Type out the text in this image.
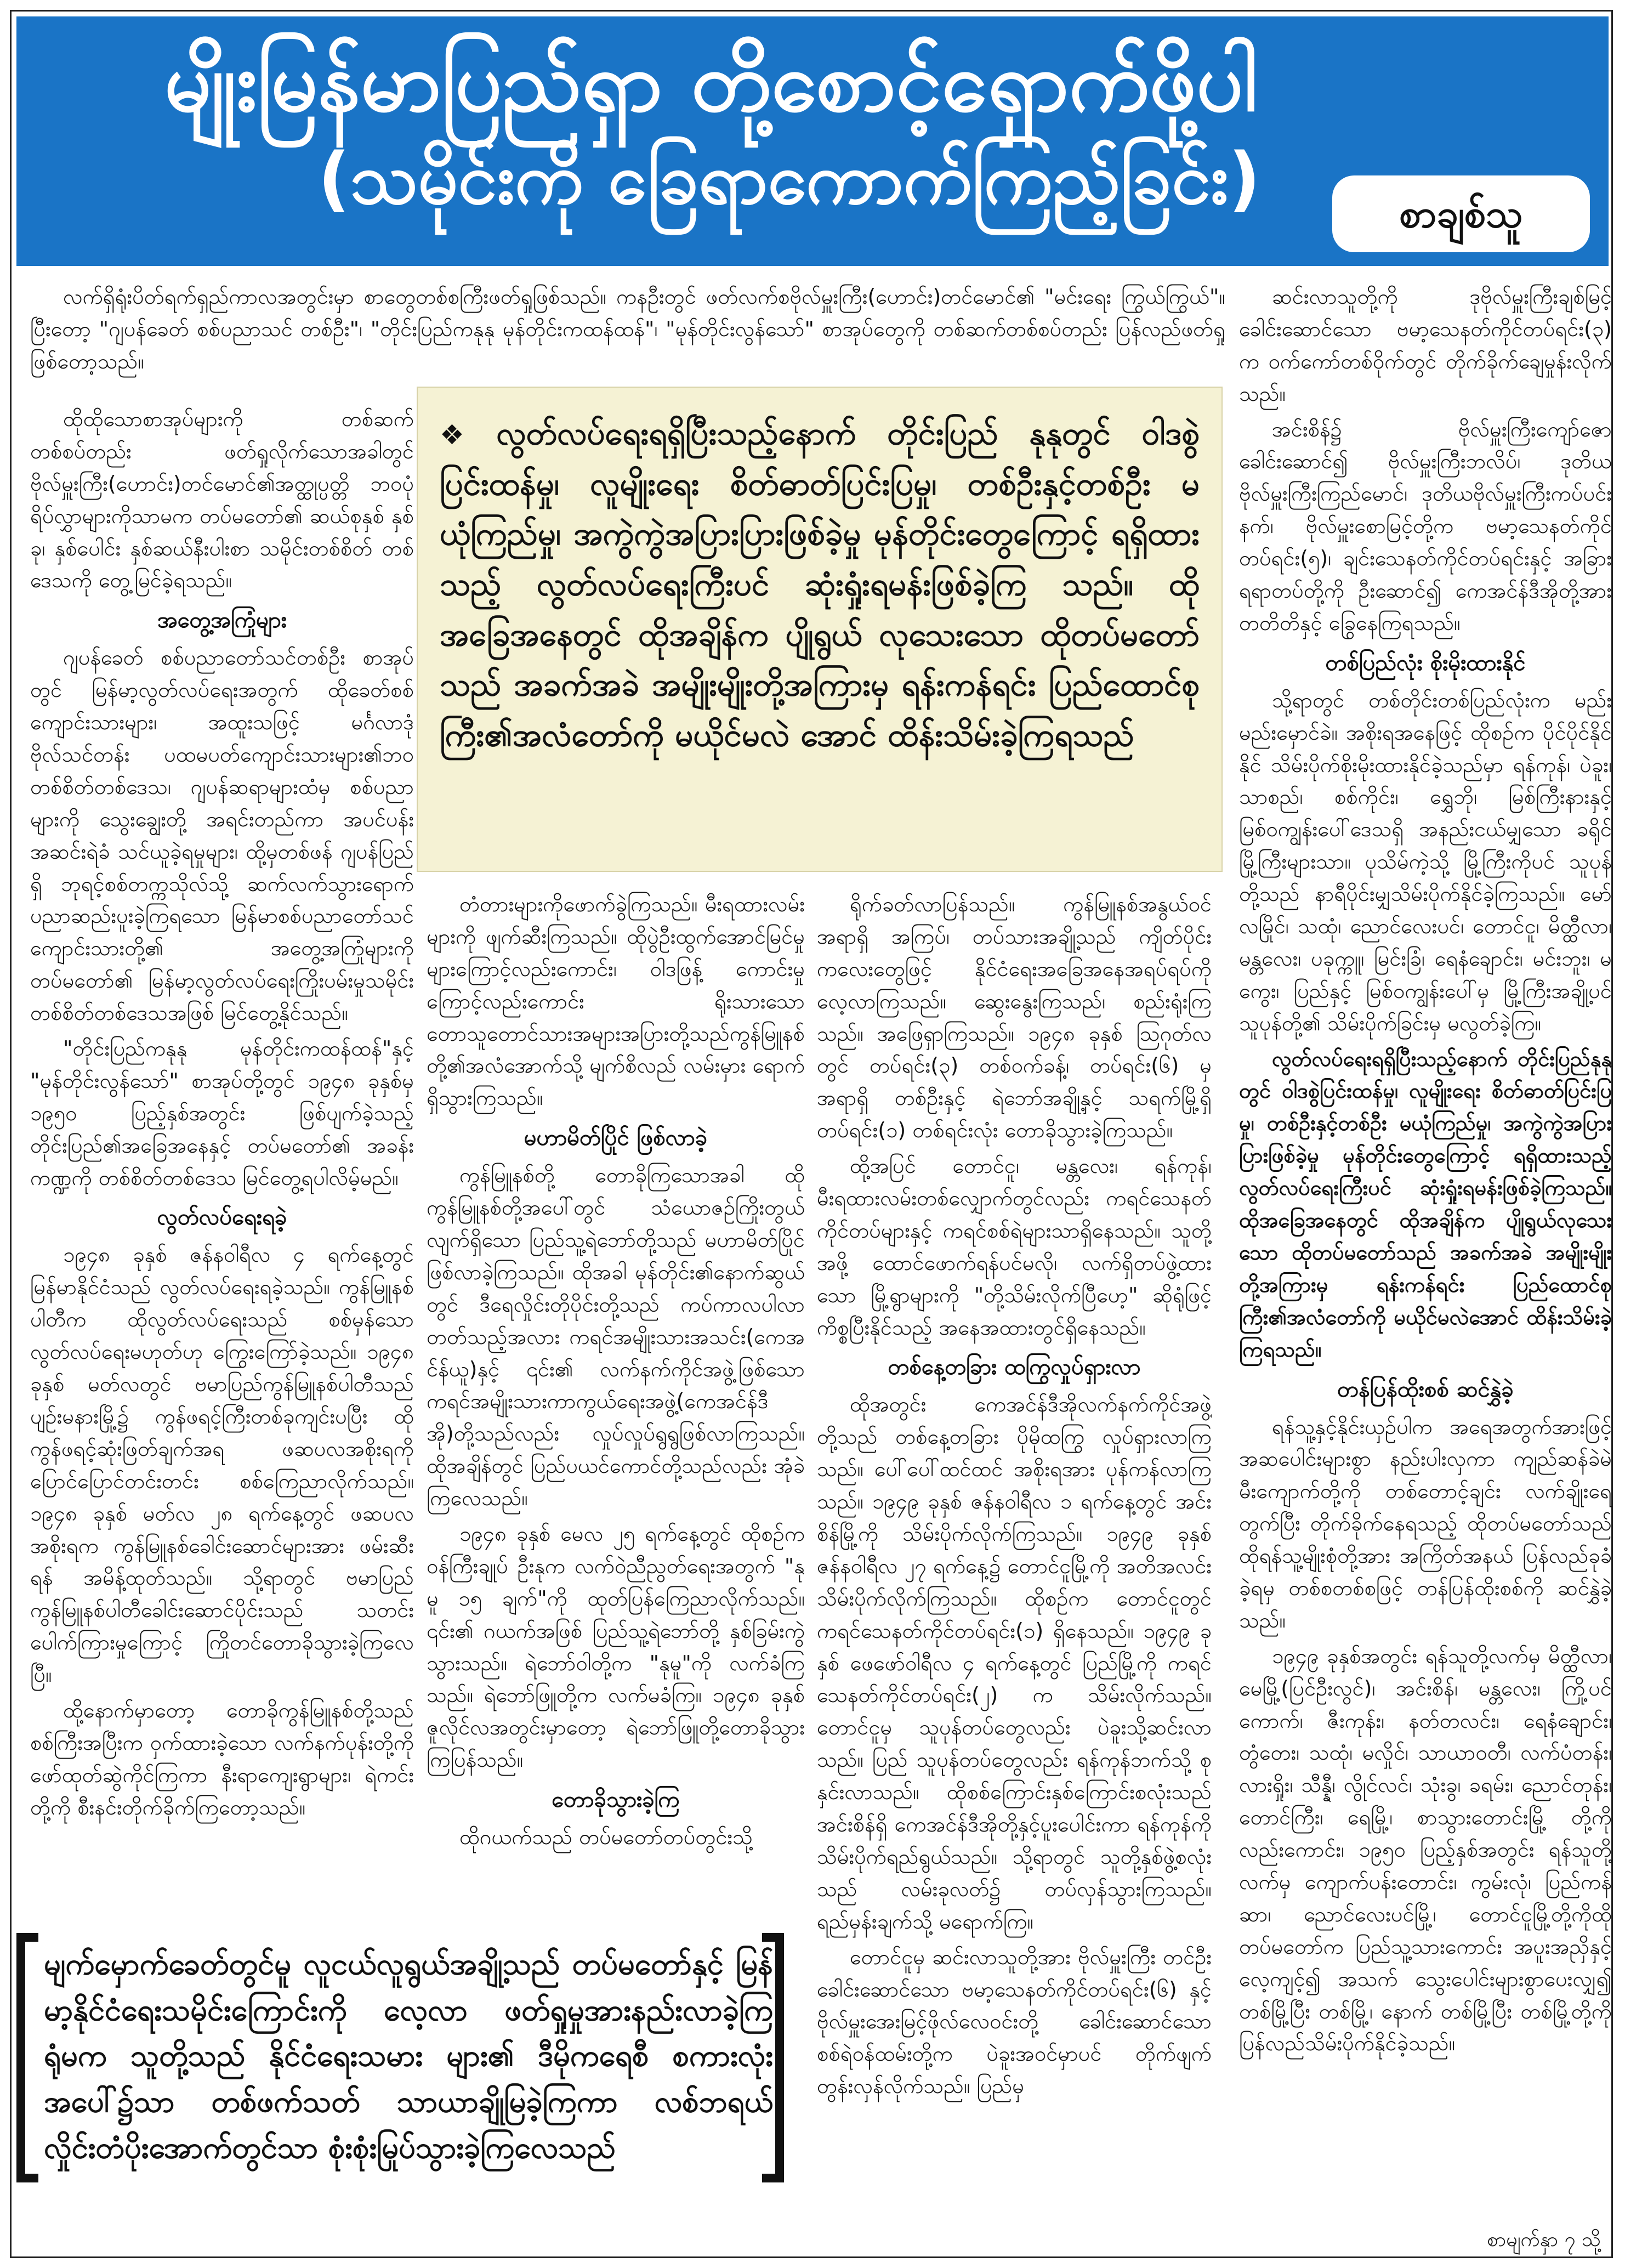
မျိုးမြန်မာပြည်ရှာ တို့စောင့်ရှောက်ဖို့ပါ
(သမိုင်းကို ခြေရာကောက်ကြည့်ခြင်း)	စာချစ်သူ

လက်ရှိရုံးပိတ်ရက်ရှည်ကာလအတွင်းမှာ စာတွေတစ်စကြီးဖတ်ရှုဖြစ်သည်။ ကနဦးတွင် ဖတ်လက်စဗိုလ်မှူးကြီး(ဟောင်း)တင်မောင်၏ "မင်းရေး ကြွယ်ကြွယ်"။ ပြီးတော့ "ဂျပန်ခေတ် စစ်ပညာသင် တစ်ဦး"၊ "တိုင်းပြည်ကနုနု မုန်တိုင်းကထန်ထန်"၊ "မုန်တိုင်းလွန်သော်" စာအုပ်တွေကို တစ်ဆက်တစ်စပ်တည်း ပြန်လည်ဖတ်ရှုဖြစ်တော့သည်။

ထိုထိုသောစာအုပ်များကို တစ်ဆက်တစ်စပ်တည်း ဖတ်ရှုလိုက်သောအခါတွင် ဗိုလ်မှူးကြီး(ဟောင်း)တင်မောင်၏အတ္ထုပ္ပတ္တိ ဘဝပုံရိပ်လွှာများကိုသာမက တပ်မတော်၏ ဆယ်စုနှစ် နှစ်ခု၊ နှစ်ပေါင်း နှစ်ဆယ်နီးပါးစာ သမိုင်းတစ်စိတ် တစ်ဒေသကို တွေ့မြင်ခဲ့ရသည်။

အတွေ့အကြုံများ

ဂျပန်ခေတ် စစ်ပညာတော်သင်တစ်ဦး စာအုပ်တွင် မြန်မာ့လွတ်လပ်ရေးအတွက် ထိုခေတ်စစ်ကျောင်းသားများ၊ အထူးသဖြင့် မင်္ဂလာဒုံ ဗိုလ်သင်တန်း ပထမပတ်ကျောင်းသားများ၏ဘဝ တစ်စိတ်တစ်ဒေသ၊ ဂျပန်ဆရာများထံမှ စစ်ပညာများကို သွေးချွေးတို့ အရင်းတည်ကာ အပင်ပန်းအဆင်းရဲခံ သင်ယူခဲ့ရမှုများ၊ ထို့မှတစ်ဖန် ဂျပန်ပြည်ရှိ ဘုရင့်စစ်တက္ကသိုလ်သို့ ဆက်လက်သွားရောက်ပညာဆည်းပူးခဲ့ကြရသော မြန်မာစစ်ပညာတော်သင်ကျောင်းသားတို့၏ အတွေ့အကြုံများကို တပ်မတော်၏ မြန်မာ့လွတ်လပ်ရေးကြိုးပမ်းမှုသမိုင်း တစ်စိတ်တစ်ဒေသအဖြစ် မြင်တွေ့နိုင်သည်။

"တိုင်းပြည်ကနုနု မုန်တိုင်းကထန်ထန်"နှင့် "မုန်တိုင်းလွန်သော်" စာအုပ်တို့တွင် ၁၉၄၈ ခုနှစ်မှ ၁၉၅၀ ပြည့်နှစ်အတွင်း ဖြစ်ပျက်ခဲ့သည့် တိုင်းပြည်၏အခြေအနေနှင့် တပ်မတော်၏ အခန်းကဏ္ဍကို တစ်စိတ်တစ်ဒေသ မြင်တွေ့ရပါလိမ့်မည်။

လွတ်လပ်ရေးရခဲ့

၁၉၄၈ ခုနှစ် ဇန်နဝါရီလ ၄ ရက်နေ့တွင် မြန်မာနိုင်ငံသည် လွတ်လပ်ရေးရခဲ့သည်။ ကွန်မြူနစ်ပါတီက ထိုလွတ်လပ်ရေးသည် စစ်မှန်သော လွတ်လပ်ရေးမဟုတ်ဟု ကြွေးကြော်ခဲ့သည်။ ၁၉၄၈ ခုနှစ် မတ်လတွင် ဗမာပြည်ကွန်မြူနစ်ပါတီသည် ပျဉ်းမနားမြို့၌ ကွန်ဖရင့်ကြီးတစ်ခုကျင်းပပြီး ထိုကွန်ဖရင့်ဆုံးဖြတ်ချက်အရ ဖဆပလအစိုးရကို ပြောင်ပြောင်တင်းတင်း စစ်ကြေညာလိုက်သည်။ ၁၉၄၈ ခုနှစ် မတ်လ ၂၈ ရက်နေ့တွင် ဖဆပလအစိုးရက ကွန်မြူနစ်ခေါင်းဆောင်များအား ဖမ်းဆီးရန် အမိန့်ထုတ်သည်။ သို့ရာတွင် ဗမာပြည်ကွန်မြူနစ်ပါတီခေါင်းဆောင်ပိုင်းသည် သတင်းပေါက်ကြားမှုကြောင့် ကြိုတင်တောခိုသွားခဲ့ကြလေပြီ။

ထို့နောက်မှာတော့ တောခိုကွန်မြူနစ်တို့သည် စစ်ကြီးအပြီးက ဝှက်ထားခဲ့သော လက်နက်ပုန်းတို့ကို ဖော်ထုတ်ဆွဲကိုင်ကြကာ နီးရာကျေးရွာများ၊ ရဲကင်းတို့ကို စီးနင်းတိုက်ခိုက်ကြတော့သည်။

❖ လွတ်လပ်ရေးရရှိပြီးသည့်နောက် တိုင်းပြည် နုနုတွင် ဝါဒစွဲ ပြင်းထန်မှု၊ လူမျိုးရေး စိတ်ဓာတ်ပြင်းပြမှု၊ တစ်ဦးနှင့်တစ်ဦး မယုံကြည်မှု၊ အကွဲကွဲအပြားပြားဖြစ်ခဲ့မှု မုန်တိုင်းတွေကြောင့် ရရှိထားသည့် လွတ်လပ်ရေးကြီးပင် ဆုံးရှုံးရမန်းဖြစ်ခဲ့ကြ သည်။ ထိုအခြေအနေတွင် ထိုအချိန်က ပျိုရွယ် လုသေးသော ထိုတပ်မတော်သည် အခက်အခဲ အမျိုးမျိုးတို့အကြားမှ ရန်းကန်ရင်း ပြည်ထောင်စုကြီး၏အလံတော်ကို မယိုင်မလဲ အောင် ထိန်းသိမ်းခဲ့ကြရသည်

တံတားများကိုဖောက်ခွဲကြသည်။ မီးရထားလမ်းများကို ဖျက်ဆီးကြသည်။ ထိုပွဲဦးထွက်အောင်မြင်မှုများကြောင့်လည်းကောင်း၊ ဝါဒဖြန့် ကောင်းမှုကြောင့်လည်းကောင်း ရိုးသားသော တောသူတောင်သားအများအပြားတို့သည်ကွန်မြူနစ်တို့၏အလံအောက်သို့ မျက်စိလည် လမ်းမှား ရောက်ရှိသွားကြသည်။

မဟာမိတ်ပြိုင် ဖြစ်လာခဲ့

ကွန်မြူနစ်တို့ တောခိုကြသောအခါ ထိုကွန်မြူနစ်တို့အပေါ်တွင် သံယောဇဉ်ကြိုးတွယ်လျက်ရှိသော ပြည်သူ့ရဲဘော်တို့သည် မဟာမိတ်ပြိုင်ဖြစ်လာခဲ့ကြသည်။ ထိုအခါ မုန်တိုင်း၏နောက်ဆွယ်တွင် ဒီရေလှိုင်းတိုပိုင်းတို့သည် ကပ်ကာလပါလာတတ်သည့်အလား ကရင်အမျိုးသားအသင်း(ကေအင်န်ယူ)နှင့် ၎င်း၏ လက်နက်ကိုင်အဖွဲ့ဖြစ်သော ကရင်အမျိုးသားကာကွယ်ရေးအဖွဲ့(ကေအင်န်ဒီအို)တို့သည်လည်း လှုပ်လှုပ်ရွရွဖြစ်လာကြသည်။ ထိုအချိန်တွင် ပြည်ပယင်ကောင်တို့သည်လည်း အုံခဲကြလေသည်။

၁၉၄၈ ခုနှစ် မေလ ၂၅ ရက်နေ့တွင် ထိုစဉ်က ဝန်ကြီးချုပ် ဦးနုက လက်ဝဲညီညွတ်ရေးအတွက် "နုမူ ၁၅ ချက်"ကို ထုတ်ပြန်ကြေညာလိုက်သည်။ ၎င်း၏ ဂယက်အဖြစ် ပြည်သူ့ရဲဘော်တို့ နှစ်ခြမ်းကွဲသွားသည်။ ရဲဘော်ဝါတို့က "နုမူ"ကို လက်ခံကြသည်။ ရဲဘော်ဖြူတို့က လက်မခံကြ။ ၁၉၄၈ ခုနှစ် ဇူလိုင်လအတွင်းမှာတော့ ရဲဘော်ဖြူတို့တောခိုသွားကြပြန်သည်။

တောခိုသွားခဲ့ကြ

ထိုဂယက်သည် တပ်မတော်တပ်တွင်းသို့

ရိုက်ခတ်လာပြန်သည်။ ကွန်မြူနစ်အနွယ်ဝင် အရာရှိ အကြပ်၊ တပ်သားအချို့သည် ကျိတ်ပိုင်းကလေးတွေဖြင့် နိုင်ငံရေးအခြေအနေအရပ်ရပ်ကို လေ့လာကြသည်။ ဆွေးနွေးကြသည်၊ စည်းရုံးကြသည်။ အဖြေရှာကြသည်။ ၁၉၄၈ ခုနှစ် ဩဂုတ်လတွင် တပ်ရင်း(၃) တစ်ဝက်ခန့်၊ တပ်ရင်း(၆) မှ အရာရှိ တစ်ဦးနှင့် ရဲဘော်အချို့နှင့် သရက်မြို့ရှိ တပ်ရင်း(၁) တစ်ရင်းလုံး တောခိုသွားခဲ့ကြသည်။

ထို့အပြင် တောင်ငူ၊ မန္တလေး၊ ရန်ကုန်၊ မီးရထားလမ်းတစ်လျှောက်တွင်လည်း ကရင်သေနတ်ကိုင်တပ်များနှင့် ကရင်စစ်ရဲများသာရှိနေသည်။ သူတို့အဖို့ ထောင်ဖောက်ရန်ပင်မလို၊ လက်ရှိတပ်ဖွဲ့ထားသော မြို့ရွာများကို "တို့သိမ်းလိုက်ပြီဟေ့" ဆိုရုံဖြင့် ကိစ္စပြီးနိုင်သည့် အနေအထားတွင်ရှိနေသည်။

တစ်နေ့တခြား ထကြွလှုပ်ရှားလာ

ထိုအတွင်း ကေအင်န်ဒီအိုလက်နက်ကိုင်အဖွဲ့တို့သည် တစ်နေ့တခြား ပိုမိုထကြွ လှုပ်ရှားလာကြသည်။ ပေါ်ပေါ်ထင်ထင် အစိုးရအား ပုန်ကန်လာကြသည်။ ၁၉၄၉ ခုနှစ် ဇန်နဝါရီလ ၁ ရက်နေ့တွင် အင်းစိန်မြို့ကို သိမ်းပိုက်လိုက်ကြသည်။ ၁၉၄၉ ခုနှစ် ဇန်နဝါရီလ ၂၇ ရက်နေ့၌ တောင်ငူမြို့ကို အတိအလင်း သိမ်းပိုက်လိုက်ကြသည်။ ထိုစဉ်က တောင်ငူတွင် ကရင်သေနတ်ကိုင်တပ်ရင်း(၁) ရှိနေသည်။ ၁၉၄၉ ခုနှစ် ဖေဖော်ဝါရီလ ၄ ရက်နေ့တွင် ပြည်မြို့ကို ကရင်သေနတ်ကိုင်တပ်ရင်း(၂) က သိမ်းလိုက်သည်။ တောင်ငူမှ သူပုန်တပ်တွေလည်း ပဲခူးသို့ဆင်းလာသည်။ ပြည် သူပုန်တပ်တွေလည်း ရန်ကုန်ဘက်သို့ စုနှင်းလာသည်။ ထိုစစ်ကြောင်းနှစ်ကြောင်းစလုံးသည် အင်းစိန်ရှိ ကေအင်န်ဒီအိုတို့နှင့်ပူးပေါင်းကာ ရန်ကုန်ကိုသိမ်းပိုက်ရည်ရွယ်သည်။ သို့ရာတွင် သူတို့နှစ်ဖွဲ့စလုံးသည် လမ်းခုလတ်၌ တပ်လှန်သွားကြသည်။ ရည်မှန်းချက်သို့ မရောက်ကြ။

တောင်ငူမှ ဆင်းလာသူတို့အား ဗိုလ်မှူးကြီး တင်ဦး ခေါင်းဆောင်သော ဗမာ့သေနတ်ကိုင်တပ်ရင်း(၆) နှင့်ဗိုလ်မှူးအေးမြင့်ဖိုလ်လေဝင်းတို့ ခေါင်းဆောင်သော စစ်ရဲဝန်ထမ်းတို့က ပဲခူးအဝင်မှာပင် တိုက်ဖျက်တွန်းလှန်လိုက်သည်။ ပြည်မှ

ဆင်းလာသူတို့ကို ဒုဗိုလ်မှူးကြီးချစ်မြင့် ခေါင်းဆောင်သော ဗမာ့သေနတ်ကိုင်တပ်ရင်း(၃) က ဝက်ကော်တစ်ဝိုက်တွင် တိုက်ခိုက်ချေမှုန်းလိုက်သည်။

အင်းစိန်၌ ဗိုလ်မှူးကြီးကျော်ဇော ခေါင်းဆောင်၍ ဗိုလ်မှူးကြီးဘလိပ်၊ ဒုတိယဗိုလ်မှူးကြီးကြည်မောင်၊ ဒုတိယဗိုလ်မှူးကြီးကပ်ပင်းနက်၊ ဗိုလ်မှူးစောမြင့်တို့က ဗမာ့သေနတ်ကိုင်တပ်ရင်း(၅)၊ ချင်းသေနတ်ကိုင်တပ်ရင်းနှင့် အခြား ရရာတပ်တို့ကို ဦးဆောင်၍ ကေအင်န်ဒီအိုတို့အား တတိတိနှင့် ခြွေနေကြရသည်။

တစ်ပြည်လုံး စိုးမိုးထားနိုင်

သို့ရာတွင် တစ်တိုင်းတစ်ပြည်လုံးက မည်းမည်းမှောင်ခဲ။ အစိုးရအနေဖြင့် ထိုစဉ်က ပိုင်ပိုင်နိုင်နိုင် သိမ်းပိုက်စိုးမိုးထားနိုင်ခဲ့သည်မှာ ရန်ကုန်၊ ပဲခူး၊ သာစည်၊ စစ်ကိုင်း၊ ရွှေဘို၊ မြစ်ကြီးနားနှင့် မြစ်ဝကျွန်းပေါ်ဒေသရှိ အနည်းငယ်မျှသော ခရိုင်မြို့ကြီးများသာ။ ပုသိမ်ကဲ့သို့ မြို့ကြီးကိုပင် သူပုန်တို့သည် နာရီပိုင်းမျှသိမ်းပိုက်နိုင်ခဲ့ကြသည်။ မော်လမြိုင်၊ သထုံ၊ ညောင်လေးပင်၊ တောင်ငူ၊ မိတ္ထီလာ၊ မန္တလေး၊ ပခုက္ကူ၊ မြင်းခြံ၊ ရေနံချောင်း၊ မင်းဘူး၊ မကွေး၊ ပြည်နှင့် မြစ်ဝကျွန်းပေါ်မှ မြို့ကြီးအချို့ပင် သူပုန်တို့၏ သိမ်းပိုက်ခြင်းမှ မလွတ်ခဲ့ကြ။

လွတ်လပ်ရေးရရှိပြီးသည့်နောက် တိုင်းပြည်နုနုတွင် ဝါဒစွဲပြင်းထန်မှု၊ လူမျိုးရေး စိတ်ဓာတ်ပြင်းပြမှု၊ တစ်ဦးနှင့်တစ်ဦး မယုံကြည်မှု၊ အကွဲကွဲအပြားပြားဖြစ်ခဲ့မှု မုန်တိုင်းတွေကြောင့် ရရှိထားသည့် လွတ်လပ်ရေးကြီးပင် ဆုံးရှုံးရမန်းဖြစ်ခဲ့ကြသည်။ ထိုအခြေအနေတွင် ထိုအချိန်က ပျိုရွယ်လုသေးသော ထိုတပ်မတော်သည် အခက်အခဲ အမျိုးမျိုးတို့အကြားမှ ရန်းကန်ရင်း ပြည်ထောင်စုကြီး၏အလံတော်ကို မယိုင်မလဲအောင် ထိန်းသိမ်းခဲ့ကြရသည်။

တန်ပြန်ထိုးစစ် ဆင်နွှဲခဲ့

ရန်သူ့နှင့်နိုင်းယှဉ်ပါက အရေအတွက်အားဖြင့် အဆပေါင်းများစွာ နည်းပါးလှကာ ကျည်ဆန်ခဲမဲမီးကျောက်တို့ကို တစ်တောင့်ချင်း လက်ချိုးရေတွက်ပြီး တိုက်ခိုက်နေရသည့် ထိုတပ်မတော်သည် ထိုရန်သူ့မျိုးစုံတို့အား အကြိတ်အနယ် ပြန်လည်ခုခံခဲ့ရမှ တစ်စတစ်စဖြင့် တန်ပြန်ထိုးစစ်ကို ဆင်နွှဲခဲ့သည်။

၁၉၄၉ ခုနှစ်အတွင်း ရန်သူတို့လက်မှ မိတ္ထီလာ၊ မေမြို့(ပြင်ဦးလွင်)၊ အင်းစိန်၊ မန္တလေး၊ ကြို့ပင်ကောက်၊ ဇီးကုန်း၊ နတ်တလင်း၊ ရေနံချောင်း၊ တွံတေး၊ သထုံ၊ မလှိုင်၊ သာယာဝတီ၊ လက်ပံတန်း၊ လားရှိုး၊ သီန္နီ၊ လွိုင်လင်၊ သုံးခွ၊ ခရမ်း၊ ညောင်တုန်း၊ တောင်ကြီး၊ ရေမြို့၊ စာသွားတောင်းမြို့ တို့ကိုလည်းကောင်း၊ ၁၉၅၀ ပြည့်နှစ်အတွင်း ရန်သူတို့လက်မှ ကျောက်ပန်းတောင်း၊ ကွမ်းလုံ၊ ပြည်ကန်ဆာ၊ ညောင်လေးပင်မြို့၊ တောင်ငူမြို့တို့ကိုထိုတပ်မတော်က ပြည်သူ့သားကောင်း အပူးအညှိနှင့်လေ့ကျင့်၍ အသက် သွေးပေါင်းများစွာပေးလျှ၍ တစ်မြို့ပြီး တစ်မြို့၊ နောက် တစ်မြို့ပြီး တစ်မြို့တို့ကို ပြန်လည်သိမ်းပိုက်နိုင်ခဲ့သည်။

မျက်မှောက်ခေတ်တွင်မူ လူငယ်လူရွယ်အချို့သည် တပ်မတော်နှင့် မြန်မာ့နိုင်ငံရေးသမိုင်းကြောင်းကို လေ့လာ ဖတ်ရှုမှုအားနည်းလာခဲ့ကြရုံမက သူတို့သည် နိုင်ငံရေးသမား များ၏ ဒီမိုကရေစီ စကားလုံးအပေါ်၌သာ တစ်ဖက်သတ် သာယာချိုမြခဲ့ကြကာ လစ်ဘရယ်လှိုင်းတံပိုးအောက်တွင်သာ စုံးစုံးမြုပ်သွားခဲ့ကြလေသည်
စာမျက်နှာ ၇ သို့
